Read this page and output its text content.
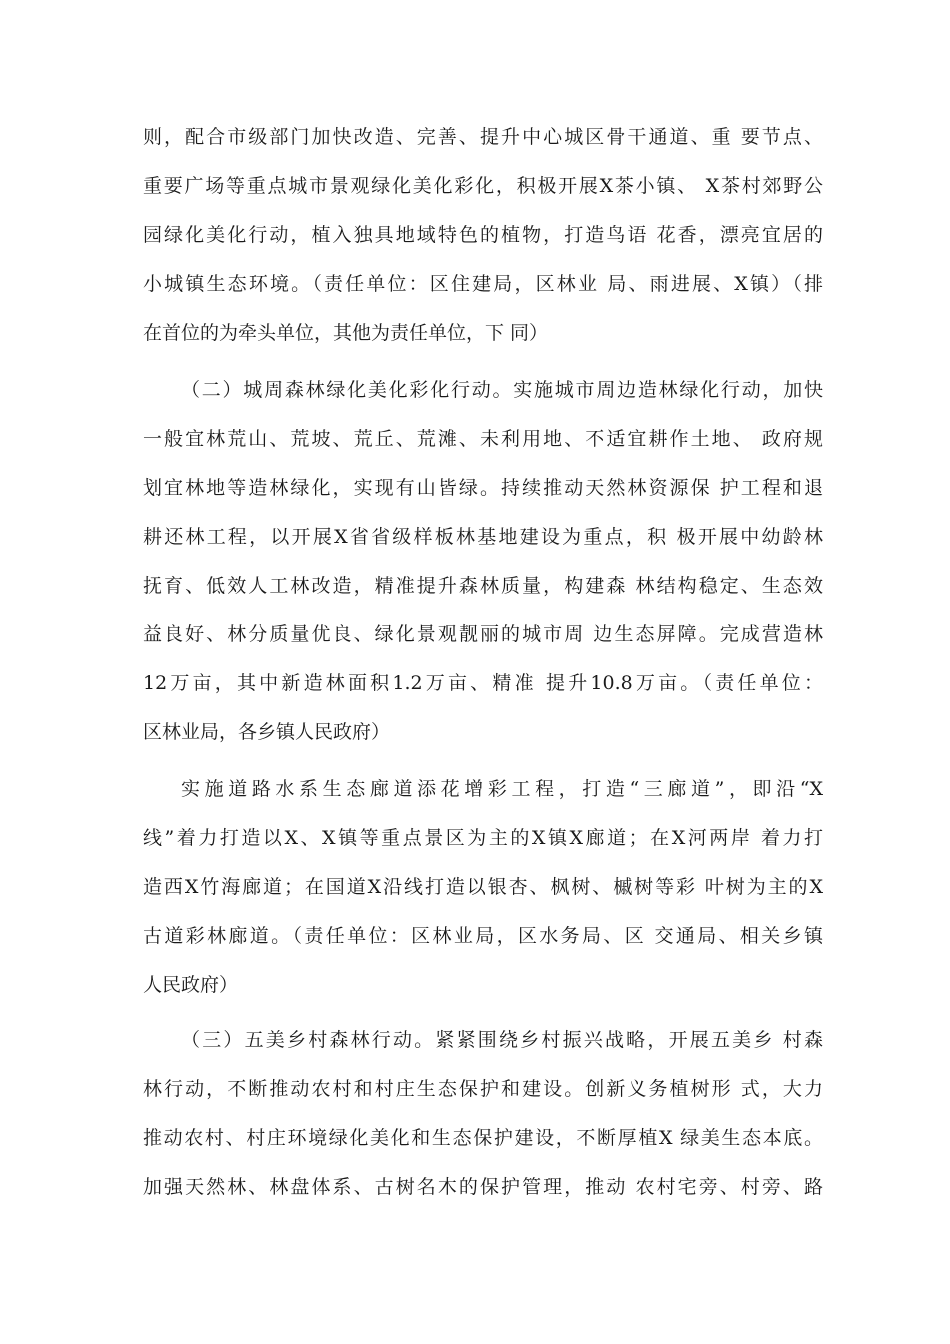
则，配合市级部门加快改造、完善、提升中心城区骨干通道、重 要节点、
重要广场等重点城市景观绿化美化彩化，积极开展X茶小镇、 X茶村郊野公
园绿化美化行动，植入独具地域特色的植物，打造鸟语 花香，漂亮宜居的
小城镇生态环境。（责任单位：区住建局，区林业 局、雨进展、X镇）（排
在首位的为牵头单位，其他为责任单位，下 同）
（二）城周森林绿化美化彩化行动。实施城市周边造林绿化行动，加快
一般宜林荒山、荒坡、荒丘、荒滩、未利用地、不适宜耕作土地、 政府规
划宜林地等造林绿化，实现有山皆绿。持续推动天然林资源保 护工程和退
耕还林工程，以开展X省省级样板林基地建设为重点，积 极开展中幼龄林
抚育、低效人工林改造，精准提升森林质量，构建森 林结构稳定、生态效
益良好、林分质量优良、绿化景观靓丽的城市周 边生态屏障。完成营造林
12万亩，其中新造林面积1.2万亩、精准 提升10.8万亩。（责任单位：
区林业局，各乡镇人民政府）
实施道路水系生态廊道添花增彩工程，打造“三廊道”，即沿“X
线”着力打造以X、X镇等重点景区为主的X镇X廊道；在X河两岸 着力打
造西X竹海廊道；在国道X沿线打造以银杏、枫树、槭树等彩 叶树为主的X
古道彩林廊道。（责任单位：区林业局，区水务局、区 交通局、相关乡镇
人民政府）
（三）五美乡村森林行动。紧紧围绕乡村振兴战略，开展五美乡 村森
林行动，不断推动农村和村庄生态保护和建设。创新义务植树形 式，大力
推动农村、村庄环境绿化美化和生态保护建设，不断厚植X 绿美生态本底。
加强天然林、林盘体系、古树名木的保护管理，推动 农村宅旁、村旁、路
